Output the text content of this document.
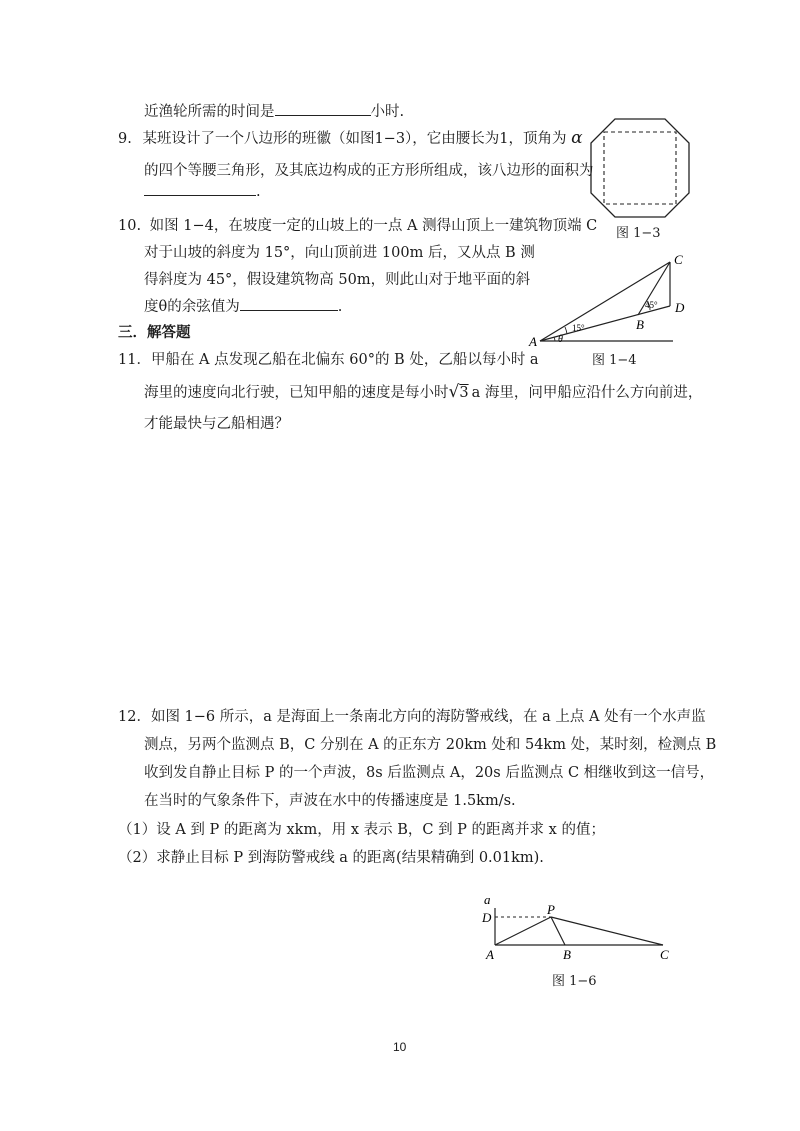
近渔轮所需的时间是	小时.
9. 某班设计了一个八边形的班徽（如图1−3），它由腰长为1，顶角为 α
的四个等腰三角形，及其底边构成的正方形所组成，该八边形的面积为
.
图 1−3
10. 如图 1−4，在坡度一定的山坡上的一点 A 测得山顶上一建筑物顶端 C
对于山坡的斜度为 15°，向山顶前进 100m 后，又从点 B 测
得斜度为 45°，假设建筑物高 50m，则此山对于地平面的斜
度θ的余弦值为	.
C
D
B
A
15°
45°
θ
图 1−4
三．解答题
11．甲船在 A 点发现乙船在北偏东 60°的 B 处，乙船以每小时 a
海里的速度向北行驶，已知甲船的速度是每小时√3 a 海里，问甲船应沿什么方向前进，
才能最快与乙船相遇？
12．如图 1−6 所示，a 是海面上一条南北方向的海防警戒线，在 a 上点 A 处有一个水声监
测点，另两个监测点 B，C 分别在 A 的正东方 20km 处和 54km 处，某时刻，检测点 B
收到发自静止目标 P 的一个声波，8s 后监测点 A，20s 后监测点 C 相继收到这一信号，
在当时的气象条件下，声波在水中的传播速度是 1.5km/s.
（1）设 A 到 P 的距离为 xkm，用 x 表示 B，C 到 P 的距离并求 x 的值；
（2）求静止目标 P 到海防警戒线 a 的距离(结果精确到 0.01km).
a
D
P
A	B	C
图 1−6
10
